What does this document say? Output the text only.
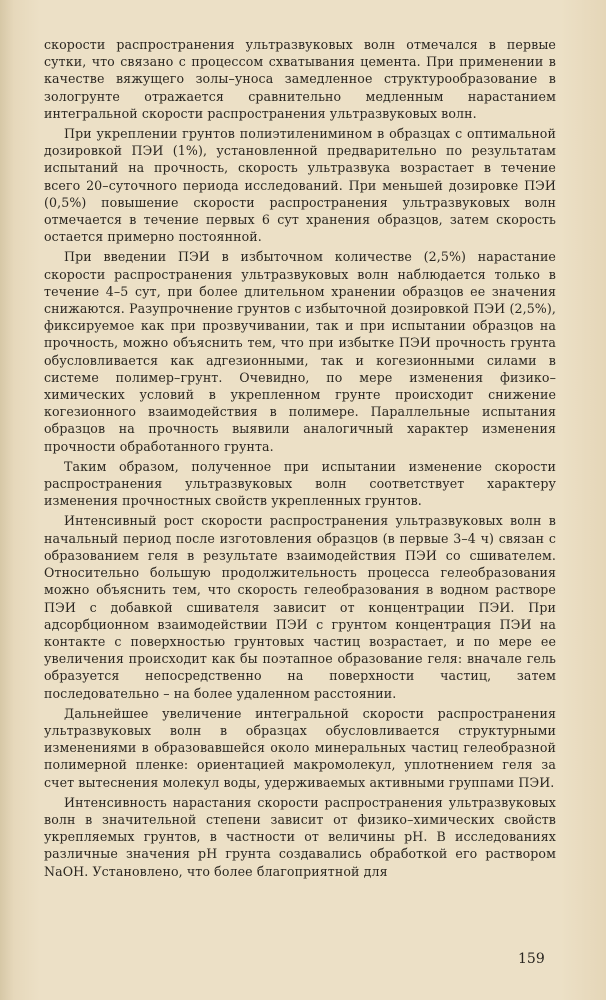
скорости распространения ультразвуковых волн отмечался в первые сутки, что связано с процессом схватывания цемента. При применении в качестве вяжущего золы–уноса замедленное структурообразование в зологрунте отражается сравнительно медленным нарастанием интегральной скорости распространения ультразвуковых волн.

При укреплении грунтов полиэтиленимином в образцах с оптимальной дозировкой ПЭИ (1%), установленной предварительно по результатам испытаний на прочность, скорость ультразвука возрастает в течение всего 20–суточного периода исследований. При меньшей дозировке ПЭИ (0,5%) повышение скорости распространения ультразвуковых волн отмечается в течение первых 6 сут хранения образцов, затем скорость остается примерно постоянной.

При введении ПЭИ в избыточном количестве (2,5%) нарастание скорости распространения ультразвуковых волн наблюдается только в течение 4–5 сут, при более длительном хранении образцов ее значения снижаются. Разупрочнение грунтов с избыточной дозировкой ПЭИ (2,5%), фиксируемое как при прозвучивании, так и при испытании образцов на прочность, можно объяснить тем, что при избытке ПЭИ прочность грунта обусловливается как адгезионными, так и когезионными силами в системе полимер–грунт. Очевидно, по мере изменения физико–химических условий в укрепленном грунте происходит снижение когезионного взаимодействия в полимере. Параллельные испытания образцов на прочность выявили аналогичный характер изменения прочности обработанного грунта.

Таким образом, полученное при испытании изменение скорости распространения ультразвуковых волн соответствует характеру изменения прочностных свойств укрепленных грунтов.

Интенсивный рост скорости распространения ультразвуковых волн в начальный период после изготовления образцов (в первые 3–4 ч) связан с образованием геля в результате взаимодействия ПЭИ со сшивателем. Относительно большую продолжительность процесса гелеобразования можно объяснить тем, что скорость гелеобразования в водном растворе ПЭИ с добавкой сшивателя зависит от концентрации ПЭИ. При адсорбционном взаимодействии ПЭИ с грунтом концентрация ПЭИ на контакте с поверхностью грунтовых частиц возрастает, и по мере ее увеличения происходит как бы поэтапное образование геля: вначале гель образуется непосредственно на поверхности частиц, затем последовательно – на более удаленном расстоянии.

Дальнейшее увеличение интегральной скорости распространения ультразвуковых волн в образцах обусловливается структурными изменениями в образовавшейся около минеральных частиц гелеобразной полимерной пленке: ориентацией макромолекул, уплотнением геля за счет вытеснения молекул воды, удерживаемых активными группами ПЭИ.

Интенсивность нарастания скорости распространения ультразвуковых волн в значительной степени зависит от физико–химических свойств укрепляемых грунтов, в частности от величины pH. В исследованиях различные значения pH грунта создавались обработкой его раствором NaOH. Установлено, что более благоприятной для

159
